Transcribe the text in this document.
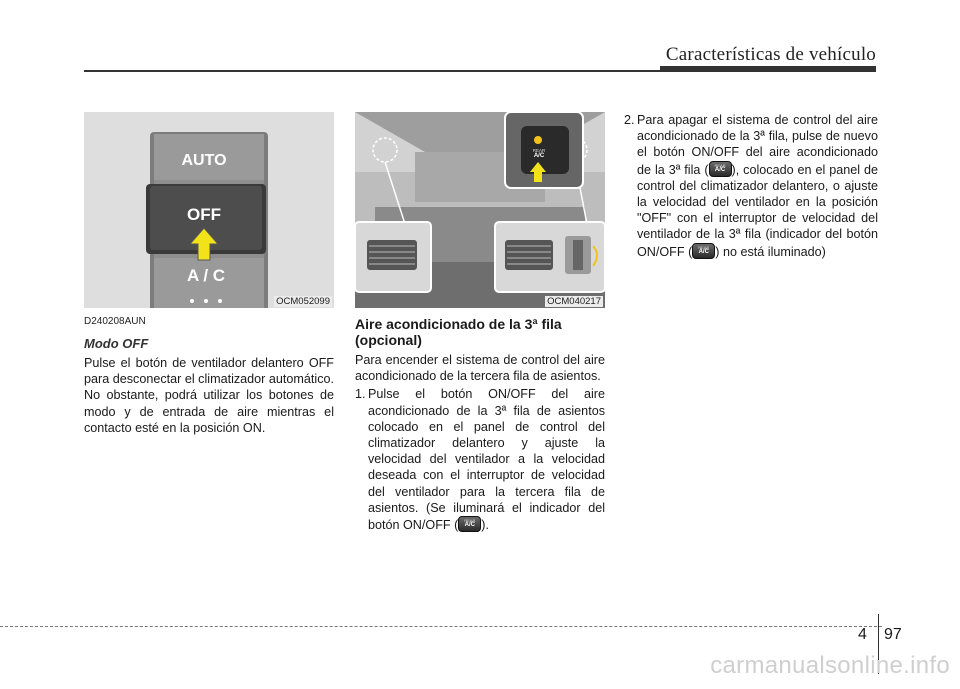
Características de vehículo
AUTO
OFF
A / C
OCM052099
D240208AUN
Modo OFF

Pulse el botón de ventilador delantero OFF para desconectar el climatizador automático. No obstante, podrá utilizar los botones de modo y de entrada de aire mientras el contacto esté en la posición ON.

REAR
A/C
OCM040217
Aire acondicionado de la 3ª fila (opcional)

Para encender el sistema de control del aire acondicionado de la tercera fila de asientos.

1. Pulse el botón ON/OFF del aire acondicionado de la 3ª fila de asientos colocado en el panel de control del climatizador delantero y ajuste la velocidad del ventilador a la velocidad deseada con el interruptor de velocidad del ventilador para la tercera fila de asientos. (Se iluminará el indicador del botón ON/OFF ( REAR A/C ).
2. Para apagar el sistema de control del aire acondicionado de la 3ª fila, pulse de nuevo el botón ON/OFF del aire acondicionado de la 3ª fila ( REAR A/C ), colocado en el panel de control del climatizador delantero, o ajuste la velocidad del ventilador en la posición "OFF" con el interruptor de velocidad del ventilador de la 3ª fila (indicador del botón ON/OFF ( REAR A/C ) no está iluminado)
4 97
carmanualsonline.info
